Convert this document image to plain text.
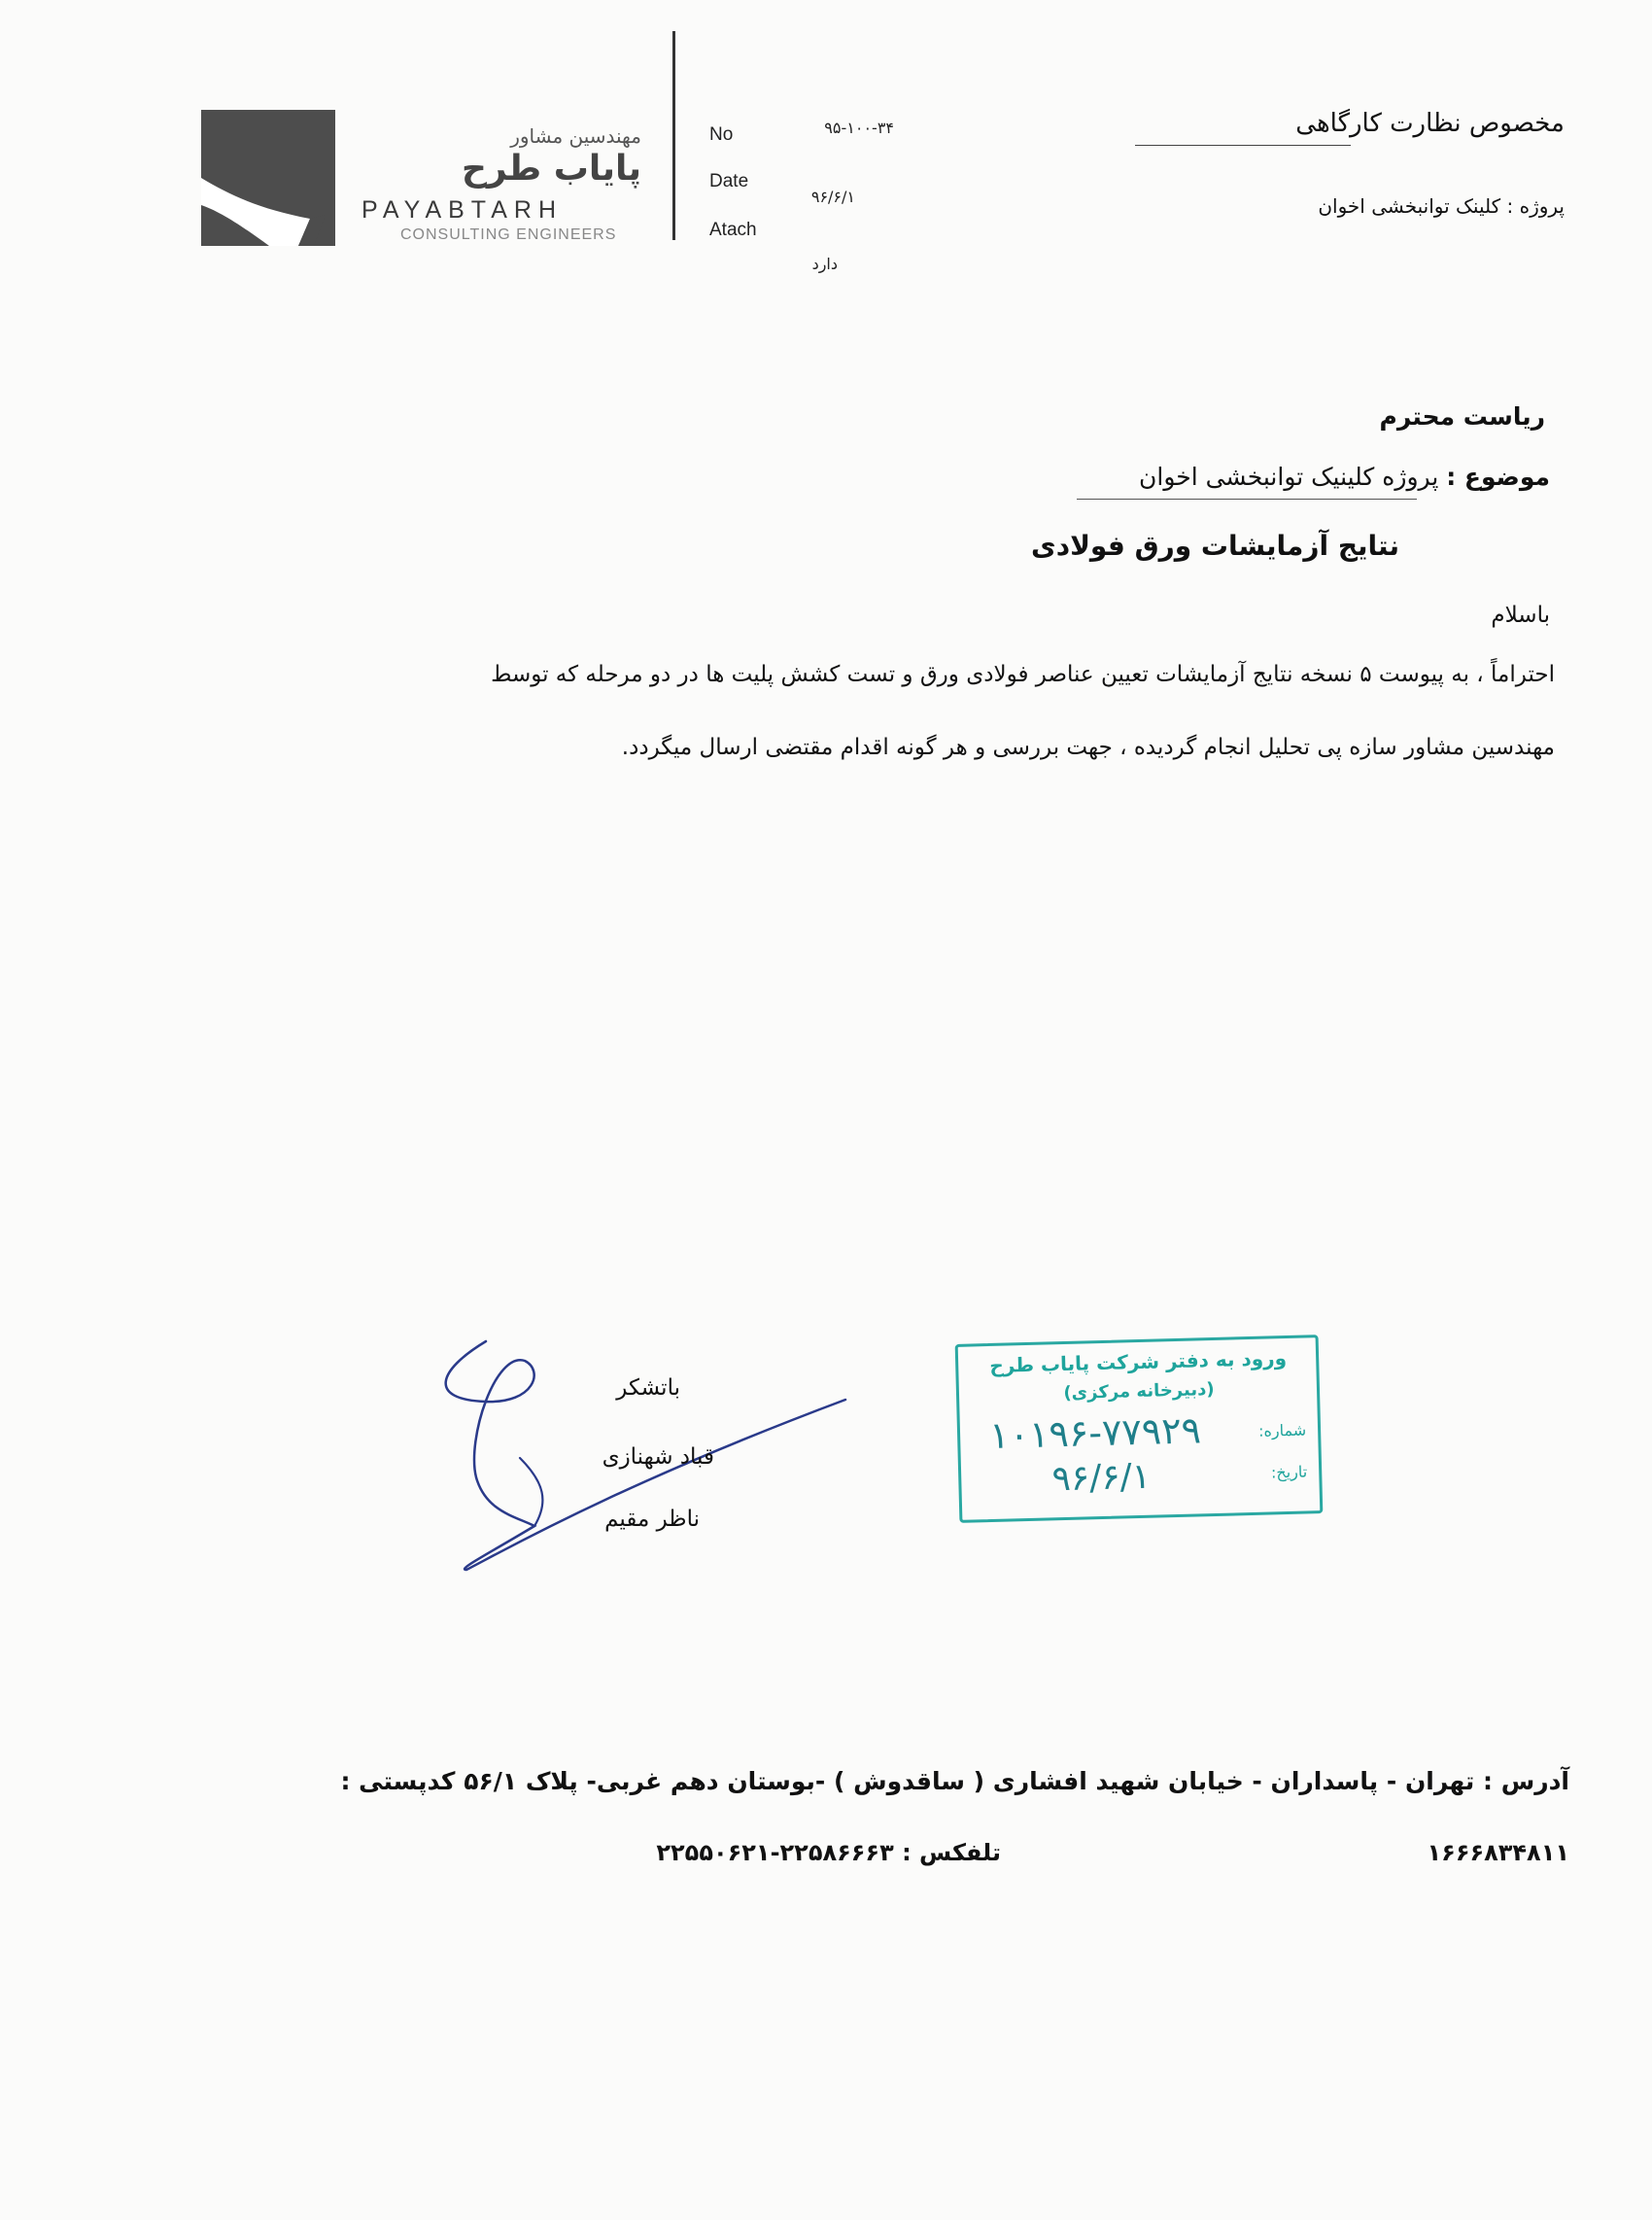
مهندسین مشاور
پایاب طرح
PAYABTARH
CONSULTING ENGINEERS
No	۹۵-۱۰۰-۳۴
Date
۹۶/۶/۱
Atach
دارد
مخصوص نظارت کارگاهی
پروژه : کلینک توانبخشی اخوان
ریاست محترم
موضوع : پروژه کلینیک توانبخشی اخوان
نتایج آزمایشات ورق فولادی
باسلام
احتراماً ، به پیوست ۵ نسخه نتایج آزمایشات تعیین عناصر فولادی ورق و تست کشش پلیت ها در دو مرحله که توسط
مهندسین مشاور سازه پی تحلیل انجام گردیده ، جهت بررسی و هر گونه اقدام مقتضی ارسال میگردد.
باتشکر
قباد شهنازی
ناظر مقیم
ورود به دفتر شرکت پایاب طرح
(دبیرخانه مرکزی)
شماره:
۱۰۱۹۶-۷۷۹۲۹
تاریخ:
۹۶/۶/۱
آدرس : تهران - پاسداران - خیابان شهید افشاری ( ساقدوش ) -بوستان دهم غربی- پلاک ۵۶/۱ کدپستی :
۱۶۶۶۸۳۴۸۱۱
تلفکس : ۲۲۵۸۶۶۶۳-۲۲۵۵۰۶۲۱
